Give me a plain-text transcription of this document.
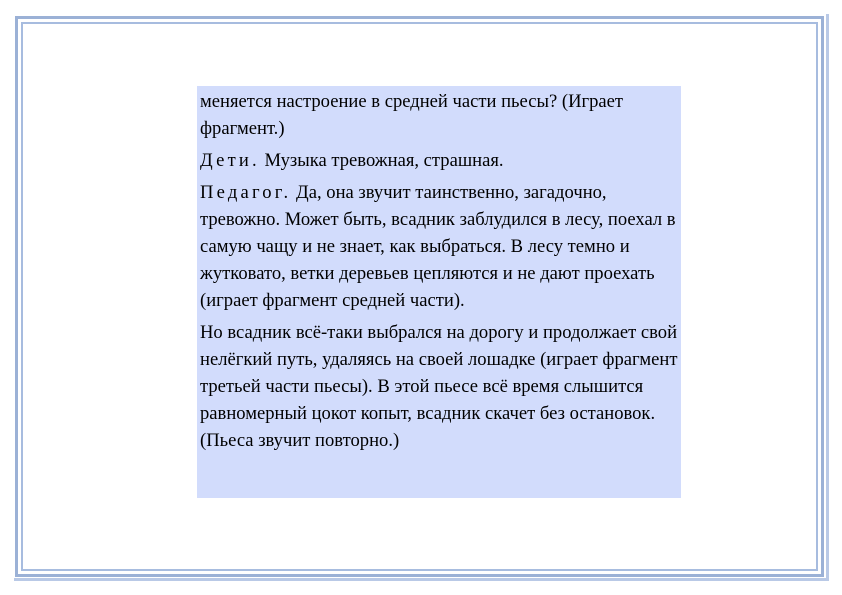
меняется настроение в средней части пьесы? (Играет фрагмент.)

Дети. Музыка тревожная, страшная.

Педагог. Да, она звучит таинственно, загадочно, тревожно. Может быть, всадник заблудился в лесу, поехал в самую чащу и не знает, как выбраться. В лесу темно и жутковато, ветки деревьев цепляются и не дают проехать (играет фрагмент средней части).

Но всадник всё-таки выбрался на дорогу и продолжает свой нелёгкий путь, удаляясь на своей лошадке (играет фрагмент третьей части пьесы). В этой пьесе всё время слышится равномерный цокот копыт, всадник скачет без остановок. (Пьеса звучит повторно.)
